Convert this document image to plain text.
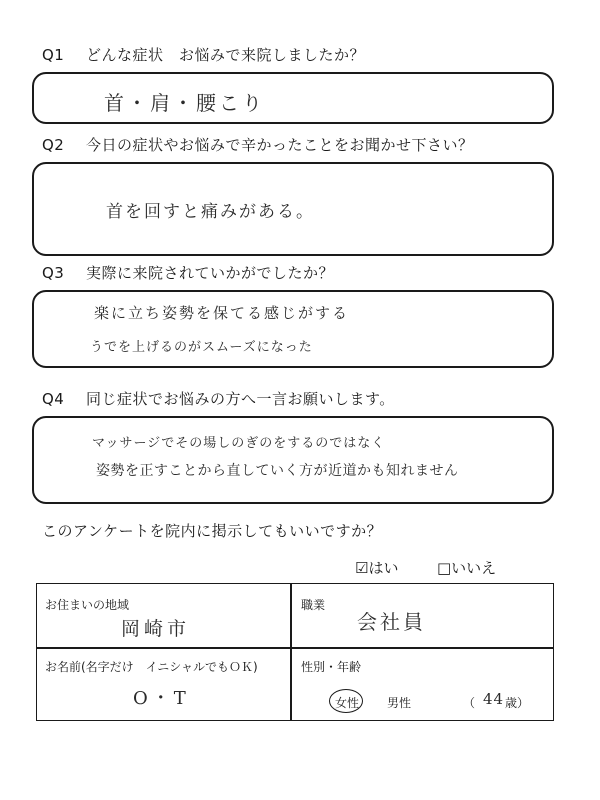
Q1 どんな症状　お悩みで来院しましたか？
首・肩・腰こり
Q2 今日の症状やお悩みで辛かったことをお聞かせ下さい？
首を回すと痛みがある。
Q3 実際に来院されていかがでしたか？
楽に立ち姿勢を保てる感じがする
うでを上げるのがスムーズになった
Q4 同じ症状でお悩みの方へ一言お願いします。
マッサージでその場しのぎのをするのではなく
姿勢を正すことから直していく方が近道かも知れません
このアンケートを院内に掲示してもいいですか？
☑はい	□いいえ
お住まいの地域
岡崎市
職業
会社員
お名前(名字だけ　イニシャルでもＯＫ)
O・T
性別・年齢
女性 男性	（ 44 歳）
